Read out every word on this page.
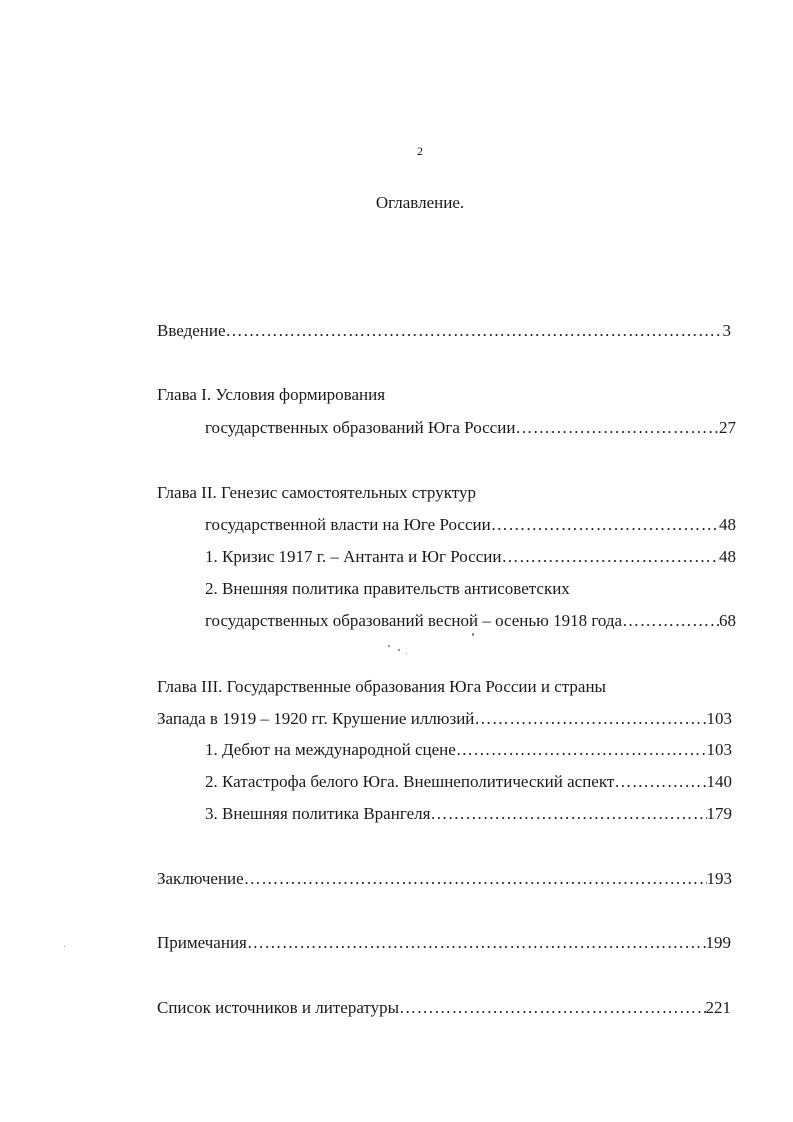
2
Оглавление.
Введение ……………………………………………………………………………………………………………………………………………………………………………………………	3
Глава I. Условия формирования
государственных образований Юга России ……………………………………………………………………………………………………………………………………………………………………………………………	27
Глава II. Генезис самостоятельных структур
государственной власти на Юге России ……………………………………………………………………………………………………………………………………………………………………………………………	48
1. Кризис 1917 г. – Антанта и Юг России ……………………………………………………………………………………………………………………………………………………………………………………………	48
2. Внешняя политика правительств антисоветских
государственных образований весной – осенью 1918 года ……………………………………………………………………………………………………………………………………………………………………………………………	68
Глава III. Государственные образования Юга России и страны
Запада в 1919 – 1920 гг. Крушение иллюзий ……………………………………………………………………………………………………………………………………………………………………………………………	103
1. Дебют на международной сцене ……………………………………………………………………………………………………………………………………………………………………………………………	103
2. Катастрофа белого Юга. Внешнеполитический аспект ……………………………………………………………………………………………………………………………………………………………………………………………	140
3. Внешняя политика Врангеля ……………………………………………………………………………………………………………………………………………………………………………………………	179
Заключение ……………………………………………………………………………………………………………………………………………………………………………………………	193
Примечания ……………………………………………………………………………………………………………………………………………………………………………………………	199
Список источников и литературы ……………………………………………………………………………………………………………………………………………………………………………………………	221
